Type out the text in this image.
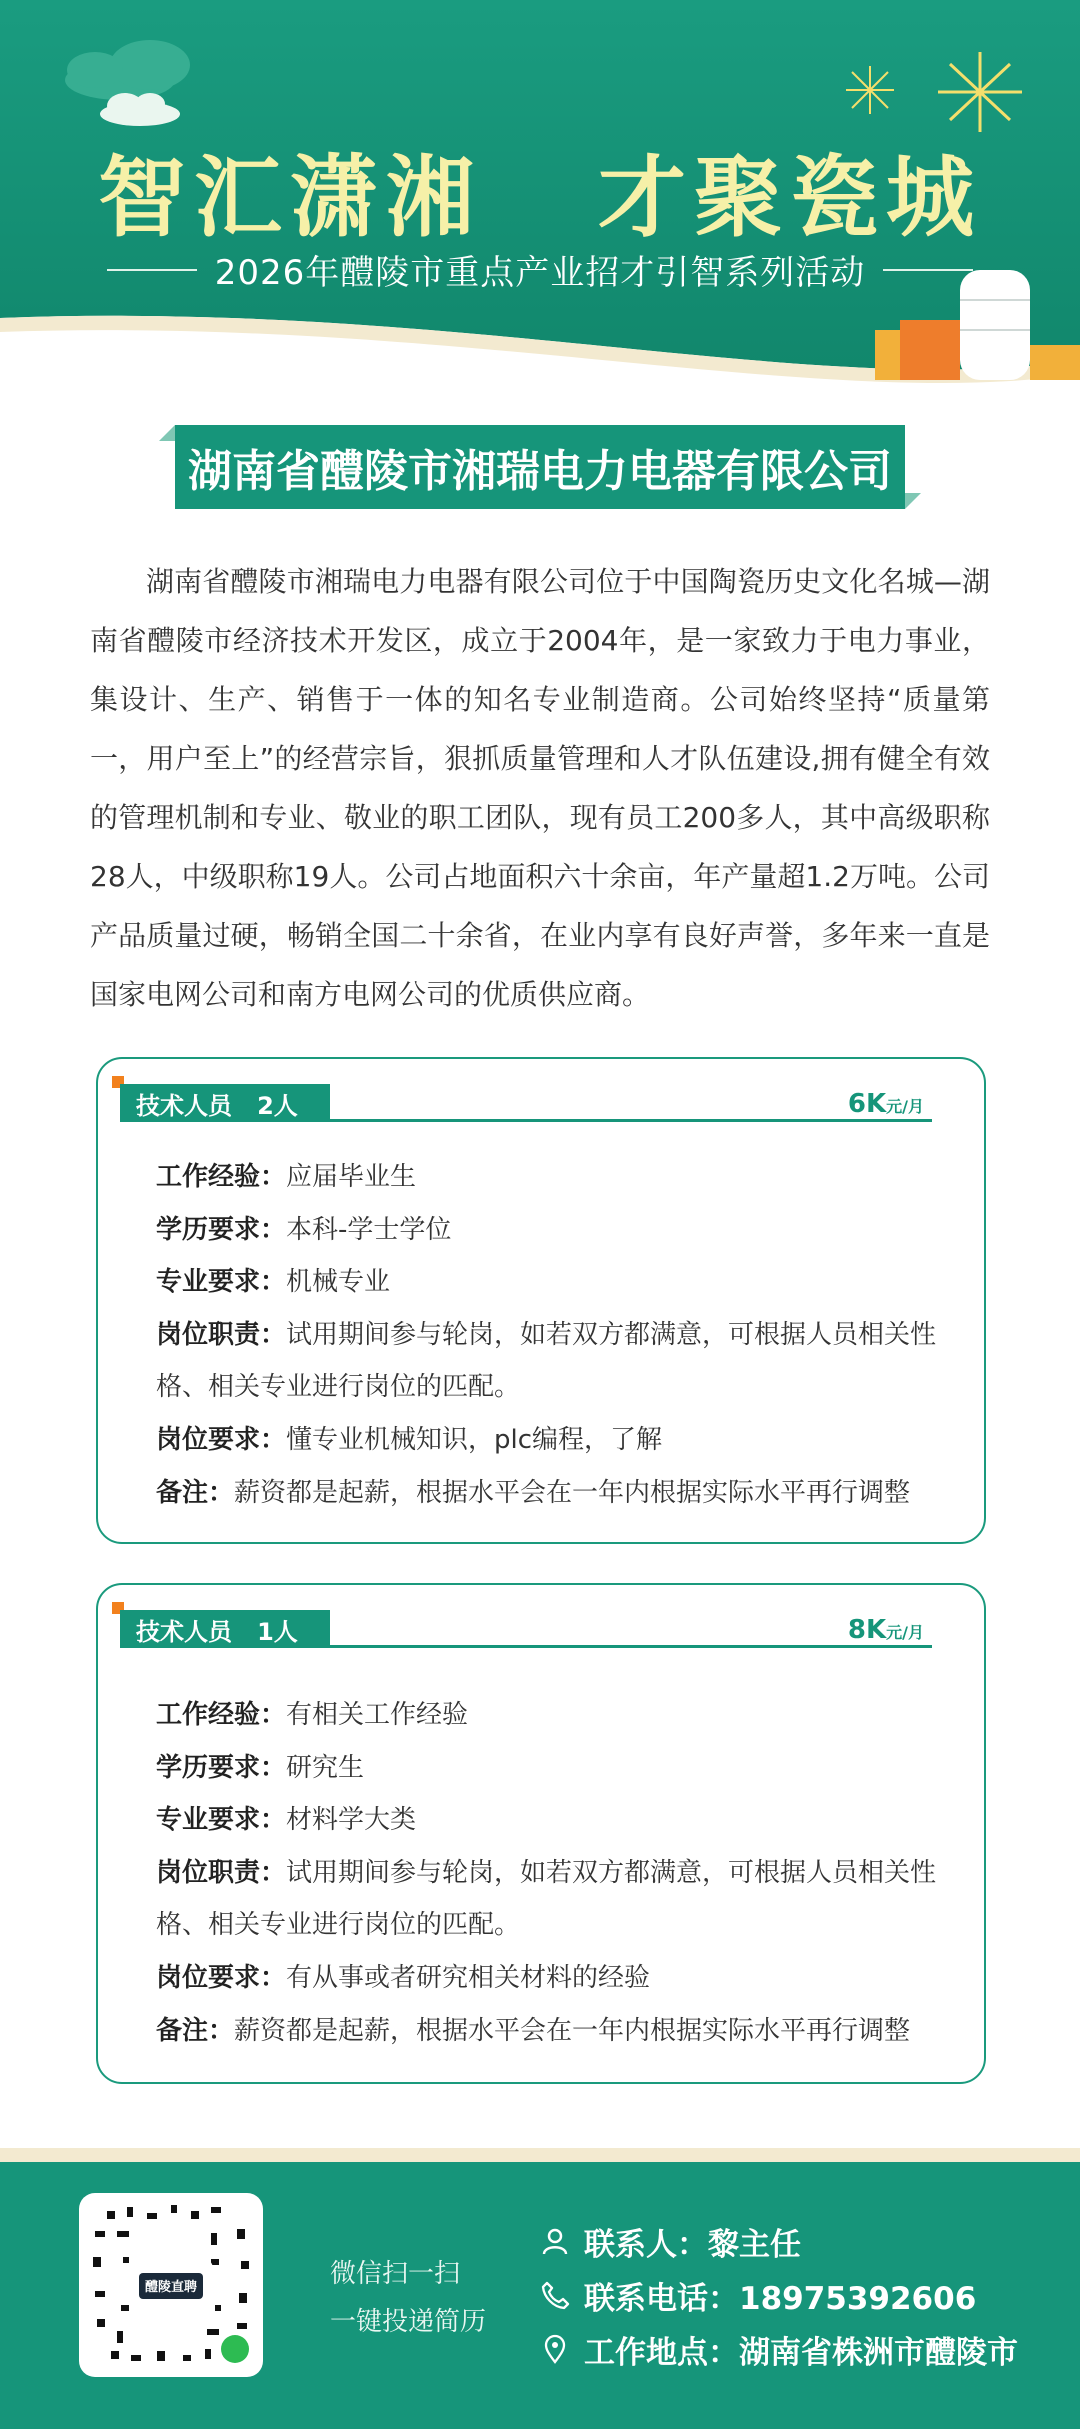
智汇潇湘   才聚瓷城
2026年醴陵市重点产业招才引智系列活动
湖南省醴陵市湘瑞电力电器有限公司
湖南省醴陵市湘瑞电力电器有限公司位于中国陶瓷历史文化名城—湖南省醴陵市经济技术开发区，成立于2004年，是一家致力于电力事业，集设计、生产、销售于一体的知名专业制造商。公司始终坚持“质量第一，用户至上”的经营宗旨，狠抓质量管理和人才队伍建设,拥有健全有效的管理机制和专业、敬业的职工团队，现有员工200多人，其中高级职称28人，中级职称19人。公司占地面积六十余亩，年产量超1.2万吨。公司产品质量过硬，畅销全国二十余省，在业内享有良好声誉，多年来一直是国家电网公司和南方电网公司的优质供应商。
技术人员   2人	6K元/月
工作经验：应届毕业生
学历要求：本科-学士学位
专业要求：机械专业
岗位职责：试用期间参与轮岗，如若双方都满意，可根据人员相关性格、相关专业进行岗位的匹配。
岗位要求：懂专业机械知识，plc编程，了解
备注：薪资都是起薪，根据水平会在一年内根据实际水平再行调整
技术人员   1人	8K元/月
工作经验：有相关工作经验
学历要求：研究生
专业要求：材料学大类
岗位职责：试用期间参与轮岗，如若双方都满意，可根据人员相关性格、相关专业进行岗位的匹配。
岗位要求：有从事或者研究相关材料的经验
备注：薪资都是起薪，根据水平会在一年内根据实际水平再行调整
醴陵直聘	微信扫一扫
一键投递简历
联系人：黎主任
联系电话：18975392606
工作地点：湖南省株洲市醴陵市
